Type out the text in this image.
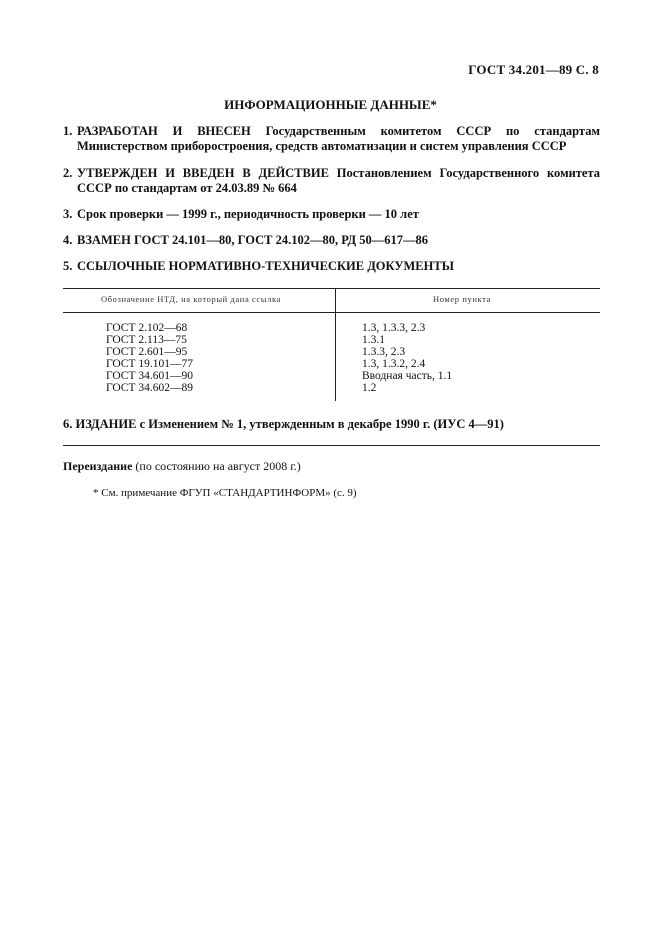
ГОСТ 34.201—89 С. 8
ИНФОРМАЦИОННЫЕ ДАННЫЕ*
1. РАЗРАБОТАН И ВНЕСЕН Государственным комитетом СССР по стандартам Министерством приборостроения, средств автоматизации и систем управления СССР
2. УТВЕРЖДЕН И ВВЕДЕН В ДЕЙСТВИЕ Постановлением Государственного комитета СССР по стандартам от 24.03.89 № 664
3. Срок проверки — 1999 г., периодичность проверки — 10 лет
4. ВЗАМЕН ГОСТ 24.101—80, ГОСТ 24.102—80, РД 50—617—86
5. ССЫЛОЧНЫЕ НОРМАТИВНО-ТЕХНИЧЕСКИЕ ДОКУМЕНТЫ
Обозначение НТД, на который дана ссылка	Номер пункта
ГОСТ 2.102—68	1.3, 1.3.3, 2.3
ГОСТ 2.113—75	1.3.1
ГОСТ 2.601—95	1.3.3, 2.3
ГОСТ 19.101—77	1.3, 1.3.2, 2.4
ГОСТ 34.601—90	Вводная часть, 1.1
ГОСТ 34.602—89	1.2
6. ИЗДАНИЕ с Изменением № 1, утвержденным в декабре 1990 г. (ИУС 4—91)
Переиздание (по состоянию на август 2008 г.)
* См. примечание ФГУП «СТАНДАРТИНФОРМ» (с. 9)
